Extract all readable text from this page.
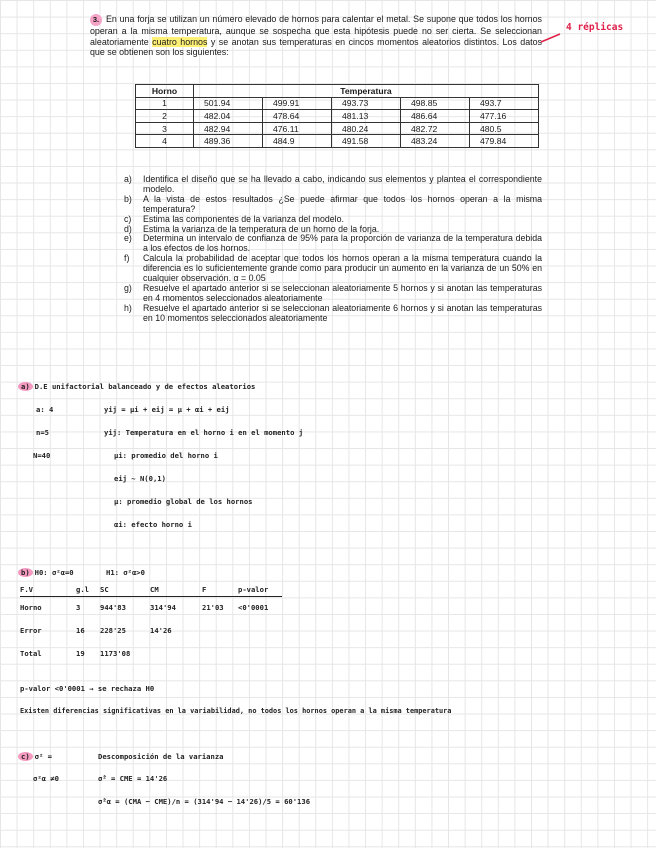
3. En una forja se utilizan un número elevado de hornos para calentar el metal. Se supone que todos los hornos operan a la misma temperatura, aunque se sospecha que esta hipótesis puede no ser cierta. Se seleccionan aleatoriamente cuatro hornos y se anotan sus temperaturas en cincos momentos aleatorios distintos. Los datos que se obtienen son los siguientes:
4 réplicas
Horno	Temperatura				
1	501.94	499.91	493.73	498.85	493.7
2	482.04	478.64	481.13	486.64	477.16
3	482.94	476.11	480.24	482.72	480.5
4	489.36	484.9	491.58	483.24	479.84
a) Identifica el diseño que se ha llevado a cabo, indicando sus elementos y plantea el correspondiente modelo.
b) A la vista de estos resultados ¿Se puede afirmar que todos los hornos operan a la misma temperatura?
c) Estima las componentes de la varianza del modelo.
d) Estima la varianza de la temperatura de un horno de la forja.
e) Determina un intervalo de confianza de 95% para la proporción de varianza de la temperatura debida a los efectos de los hornos.
f) Calcula la probabilidad de aceptar que todos los hornos operan a la misma temperatura cuando la diferencia es lo suficientemente grande como para producir un aumento en la varianza de un 50% en cualquier observación. α = 0.05
g) Resuelve el apartado anterior si se seleccionan aleatoriamente 5 hornos y si anotan las temperaturas en 4 momentos seleccionados aleatoriamente
h) Resuelve el apartado anterior si se seleccionan aleatoriamente 6 hornos y si anotan las temperaturas en 10 momentos seleccionados aleatoriamente
a) D.E unifactorial balanceado y de efectos aleatorios
a: 4	yij = μi + eij = μ + αi + eij
n=5	yij: Temperatura en el horno i en el momento j
N=40	μi: promedio del horno i
eij ~ N(0,1)
μ: promedio global de los hornos
αi: efecto horno i
b) H0: σ²α=0	H1: σ²α>0
F.V	g.l	SC	CM	F	p-valor
Horno	3	944'83	314'94	21'03	<0'0001
Error	16	228'25	14'26		
Total	19	1173'08			
p-valor <0'0001 → se rechaza H0
Existen diferencias significativas en la variabilidad, no todos los hornos operan a la misma temperatura
c) σ² =	Descomposición de la varianza
σ²α ≠0	σ̂² = CME = 14'26
σ̂²α = (CMA − CME)/n = (314'94 − 14'26)/5 = 60'136
